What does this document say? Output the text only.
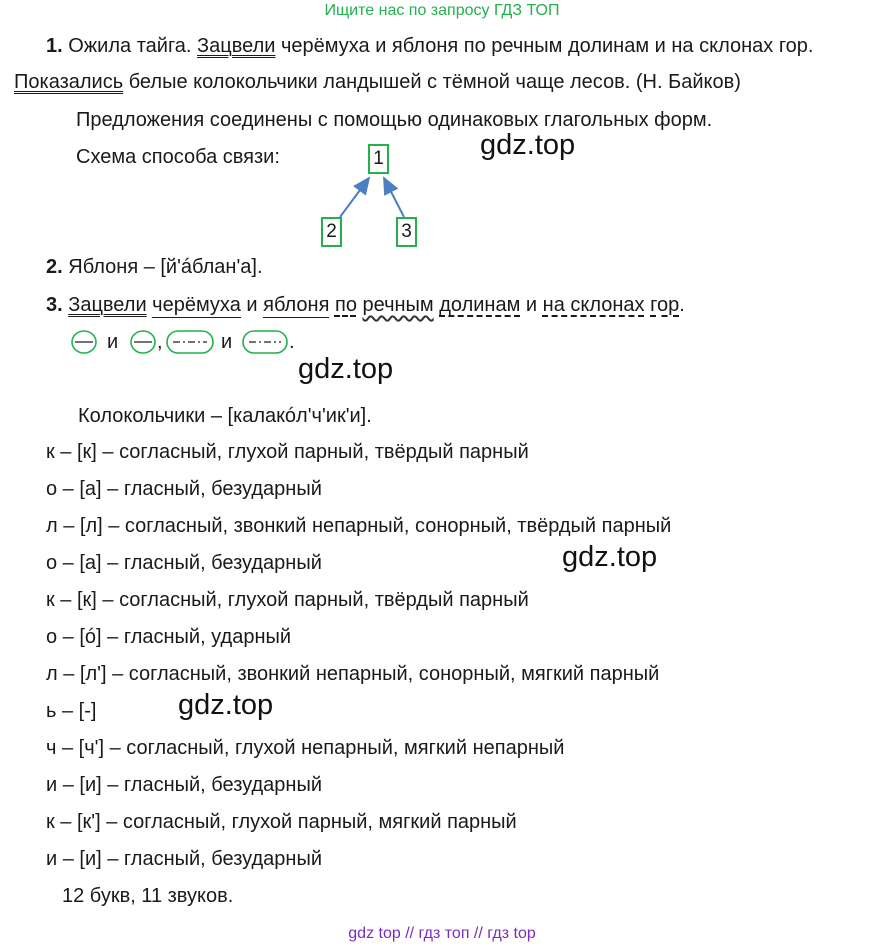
Ищите нас по запросу ГДЗ ТОП
1. Ожила тайга. Зацвели черёмуха и яблоня по речным долинам и на склонах гор.
Показались белые колокольчики ландышей с тёмной чаще лесов. (Н. Байков)
Предложения соединены с помощью одинаковых глагольных форм.
Схема способа связи:	1
2	3
2. Яблоня – [й'áблан'а].
3. Зацвели черёмуха и яблоня по речным долинам и на склонах гор.
и ,	и	.
Колокольчики – [калакóл'ч'ик'и].
к – [к] – согласный, глухой парный, твёрдый парный
о – [а] – гласный, безударный
л – [л] – согласный, звонкий непарный, сонорный, твёрдый парный
о – [а] – гласный, безударный
к – [к] – согласный, глухой парный, твёрдый парный
о – [ó] – гласный, ударный
л – [л'] – согласный, звонкий непарный, сонорный, мягкий парный
ь – [-]
ч – [ч'] – согласный, глухой непарный, мягкий непарный
и – [и] – гласный, безударный
к – [к'] – согласный, глухой парный, мягкий парный
и – [и] – гласный, безударный
12 букв, 11 звуков.
gdz.top
gdz.top
gdz.top
gdz.top
gdz top // гдз топ // гдз top
